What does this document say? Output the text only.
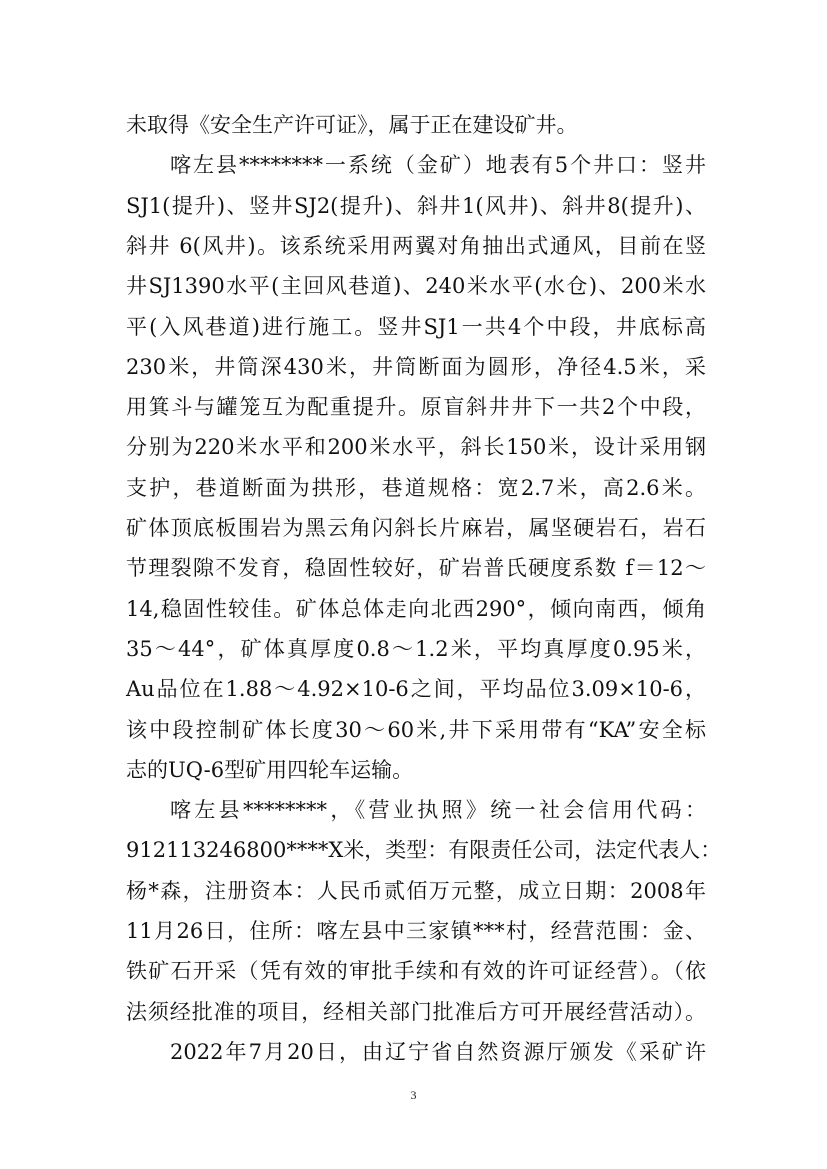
未取得《安全生产许可证》，属于正在建设矿井。
喀左县********一系统（金矿）地表有5个井口：竖井
SJ1(提升)、竖井SJ2(提升)、斜井1(风井)、斜井8(提升)、
斜井 6(风井)。该系统采用两翼对角抽出式通风，目前在竖
井SJ1390水平(主回风巷道)、240米水平(水仓)、200米水
平(入风巷道)进行施工。竖井SJ1一共4个中段，井底标高
230米，井筒深430米，井筒断面为圆形，净径4.5米，采
用箕斗与罐笼互为配重提升。原盲斜井井下一共2个中段，
分别为220米水平和200米水平，斜长150米，设计采用钢
支护，巷道断面为拱形，巷道规格：宽2.7米，高2.6米。
矿体顶底板围岩为黑云角闪斜长片麻岩，属坚硬岩石，岩石
节理裂隙不发育，稳固性较好，矿岩普氏硬度系数 f＝12～
14,稳固性较佳。矿体总体走向北西290°，倾向南西，倾角
35～44°，矿体真厚度0.8～1.2米，平均真厚度0.95米，
Au品位在1.88～4.92×10-6之间，平均品位3.09×10-6，
该中段控制矿体长度30～60米,井下采用带有“KA”安全标
志的UQ-6型矿用四轮车运输。
喀左县********，《营业执照》统一社会信用代码：
912113246800****X米，类型：有限责任公司，法定代表人：
杨*森，注册资本：人民币贰佰万元整，成立日期：2008年
11月26日，住所：喀左县中三家镇***村，经营范围：金、
铁矿石开采（凭有效的审批手续和有效的许可证经营）。（依
法须经批准的项目，经相关部门批准后方可开展经营活动）。
2022年7月20日，由辽宁省自然资源厅颁发《采矿许
3
